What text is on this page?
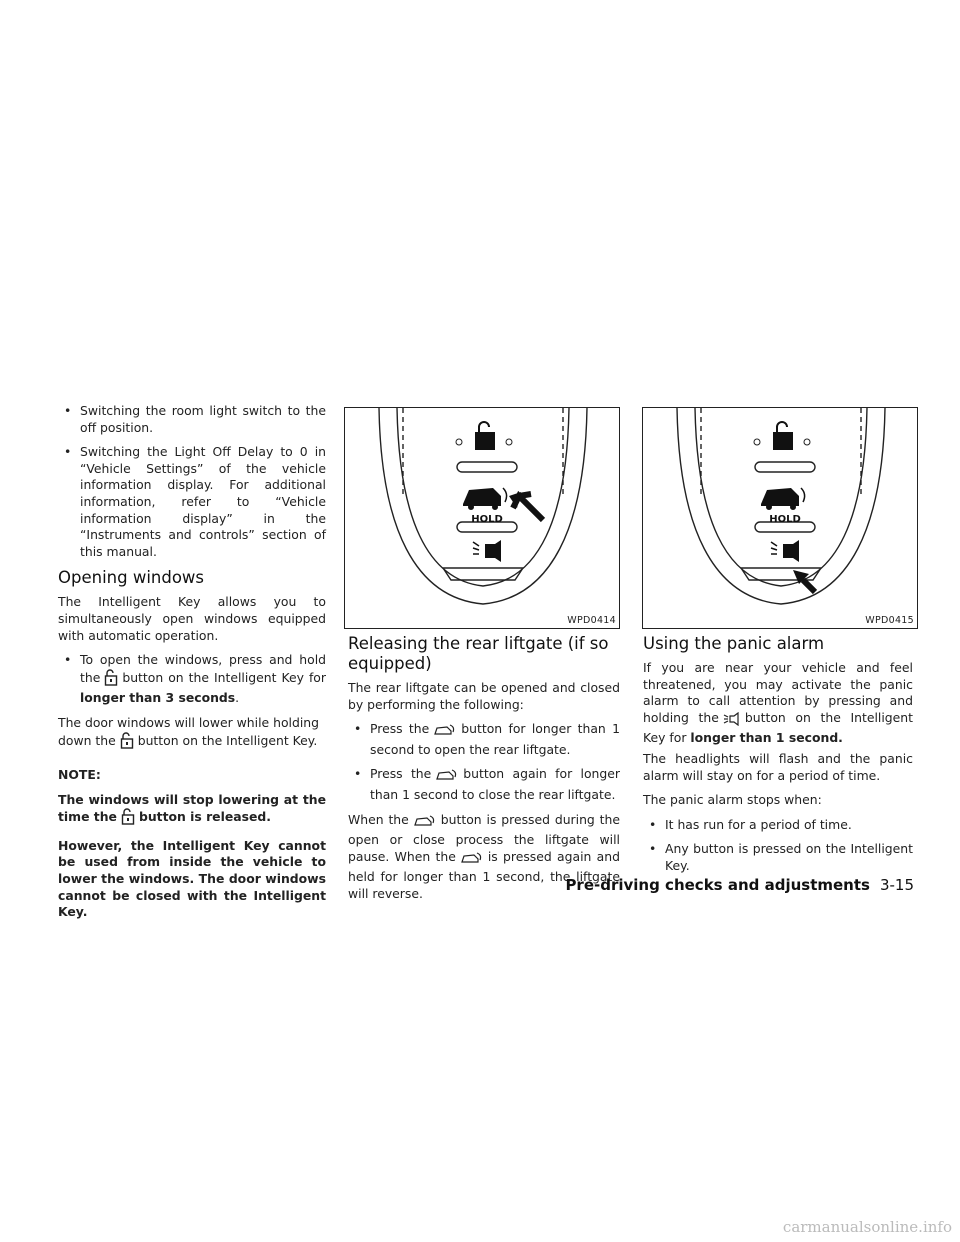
• Switching the room light switch to the off position.
• Switching the Light Off Delay to 0 in “Vehicle Settings” of the vehicle information display. For additional information, refer to “Vehicle information display” in the “Instruments and controls” section of this manual.
Opening windows

The Intelligent Key allows you to simultaneously open windows equipped with automatic operation.

• To open the windows, press and hold the button on the Intelligent Key for longer than 3 seconds.

The door windows will lower while holding down the button on the Intelligent Key.

NOTE:

The windows will stop lowering at the time the button is released.

However, the Intelligent Key cannot be used from inside the vehicle to lower the windows. The door windows cannot be closed with the Intelligent Key.

HOLD
WPD0414
Releasing the rear liftgate (if so equipped)

The rear liftgate can be opened and closed by performing the following:

• Press the	button for longer than 1 second to open the rear liftgate.
• Press the	button again for longer than 1 second to close the rear liftgate.

When the	button is pressed during the open or close process the liftgate will pause. When the	is pressed again and held for longer than 1 second, the liftgate will reverse.

HOLD
WPD0415
Using the panic alarm

If you are near your vehicle and feel threatened, you may activate the panic alarm to call attention by pressing and holding the button on the Intelligent Key for longer than 1 second.

The headlights will flash and the panic alarm will stay on for a period of time.

The panic alarm stops when:

• It has run for a period of time.
• Any button is pressed on the Intelligent Key.
Pre-driving checks and adjustments 3-15
carmanualsonline.info
